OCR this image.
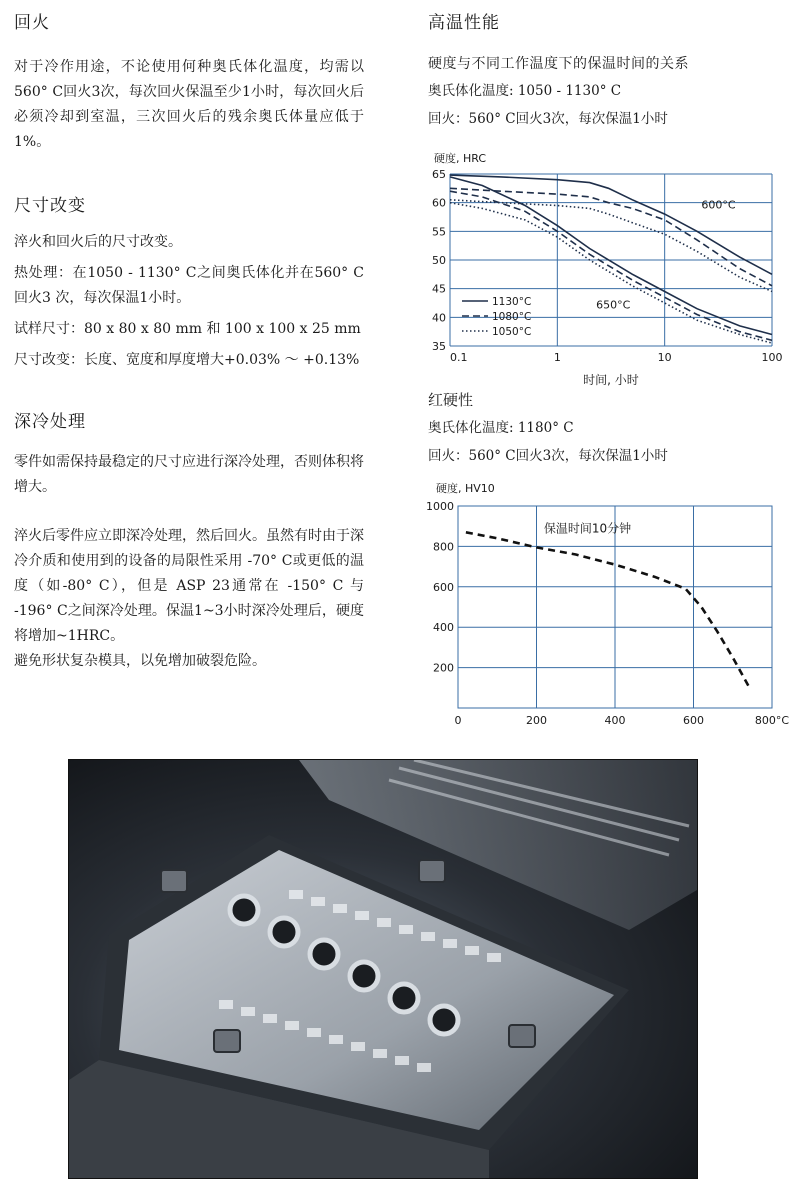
回火

对于冷作用途，不论使用何种奥氏体化温度，均需以560° C回火3次，每次回火保温至少1小时，每次回火后必须冷却到室温，三次回火后的残余奥氏体量应低于1%。

尺寸改变

淬火和回火后的尺寸改变。

热处理：在1050 - 1130° C之间奥氏体化并在560° C回火3 次，每次保温1小时。

试样尺寸：80 x 80 x 80 mm 和 100 x 100 x 25 mm

尺寸改变：长度、宽度和厚度增大+0.03% ～ +0.13%

深冷处理

零件如需保持最稳定的尺寸应进行深冷处理，否则体积将增大。

淬火后零件应立即深冷处理，然后回火。虽然有时由于深冷介质和使用到的设备的局限性采用 -70° C或更低的温度（如-80° C），但是 ASP 23通常在 -150° C 与 -196° C之间深冷处理。保温1~3小时深冷处理后，硬度将增加~1HRC。

避免形状复杂模具，以免增加破裂危险。

高温性能

硬度与不同工作温度下的保温时间的关系

奥氏体化温度: 1050 - 1130° C

回火：560° C回火3次，每次保温1小时

硬度, HRC
35
40
45
50
55
60
65
0.1	1	10	100
时间, 小时
600°C
650°C
1130°C
1080°C
1050°C

红硬性

奥氏体化温度: 1180° C

回火：560° C回火3次，每次保温1小时

硬度, HV10
200
400
600
800
1000
0	200	400	600	800°C
保温时间10分钟
